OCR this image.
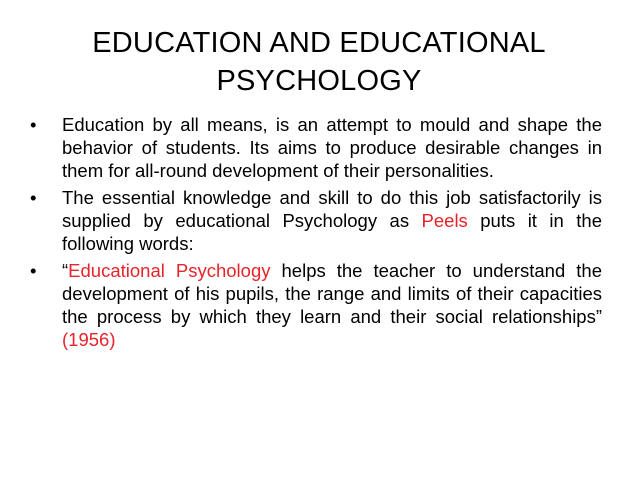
EDUCATION AND EDUCATIONAL
PSYCHOLOGY
•	Education by all means, is an attempt to mould and shape the behavior of students. Its aims to produce desirable changes in them for all-round development of their personalities.
•	The essential knowledge and skill to do this job satisfactorily is supplied by educational Psychology as Peels puts it in the following words:
•	“Educational Psychology helps the teacher to understand the development of his pupils, the range and limits of their capacities the process by which they learn and their social relationships” (1956)
